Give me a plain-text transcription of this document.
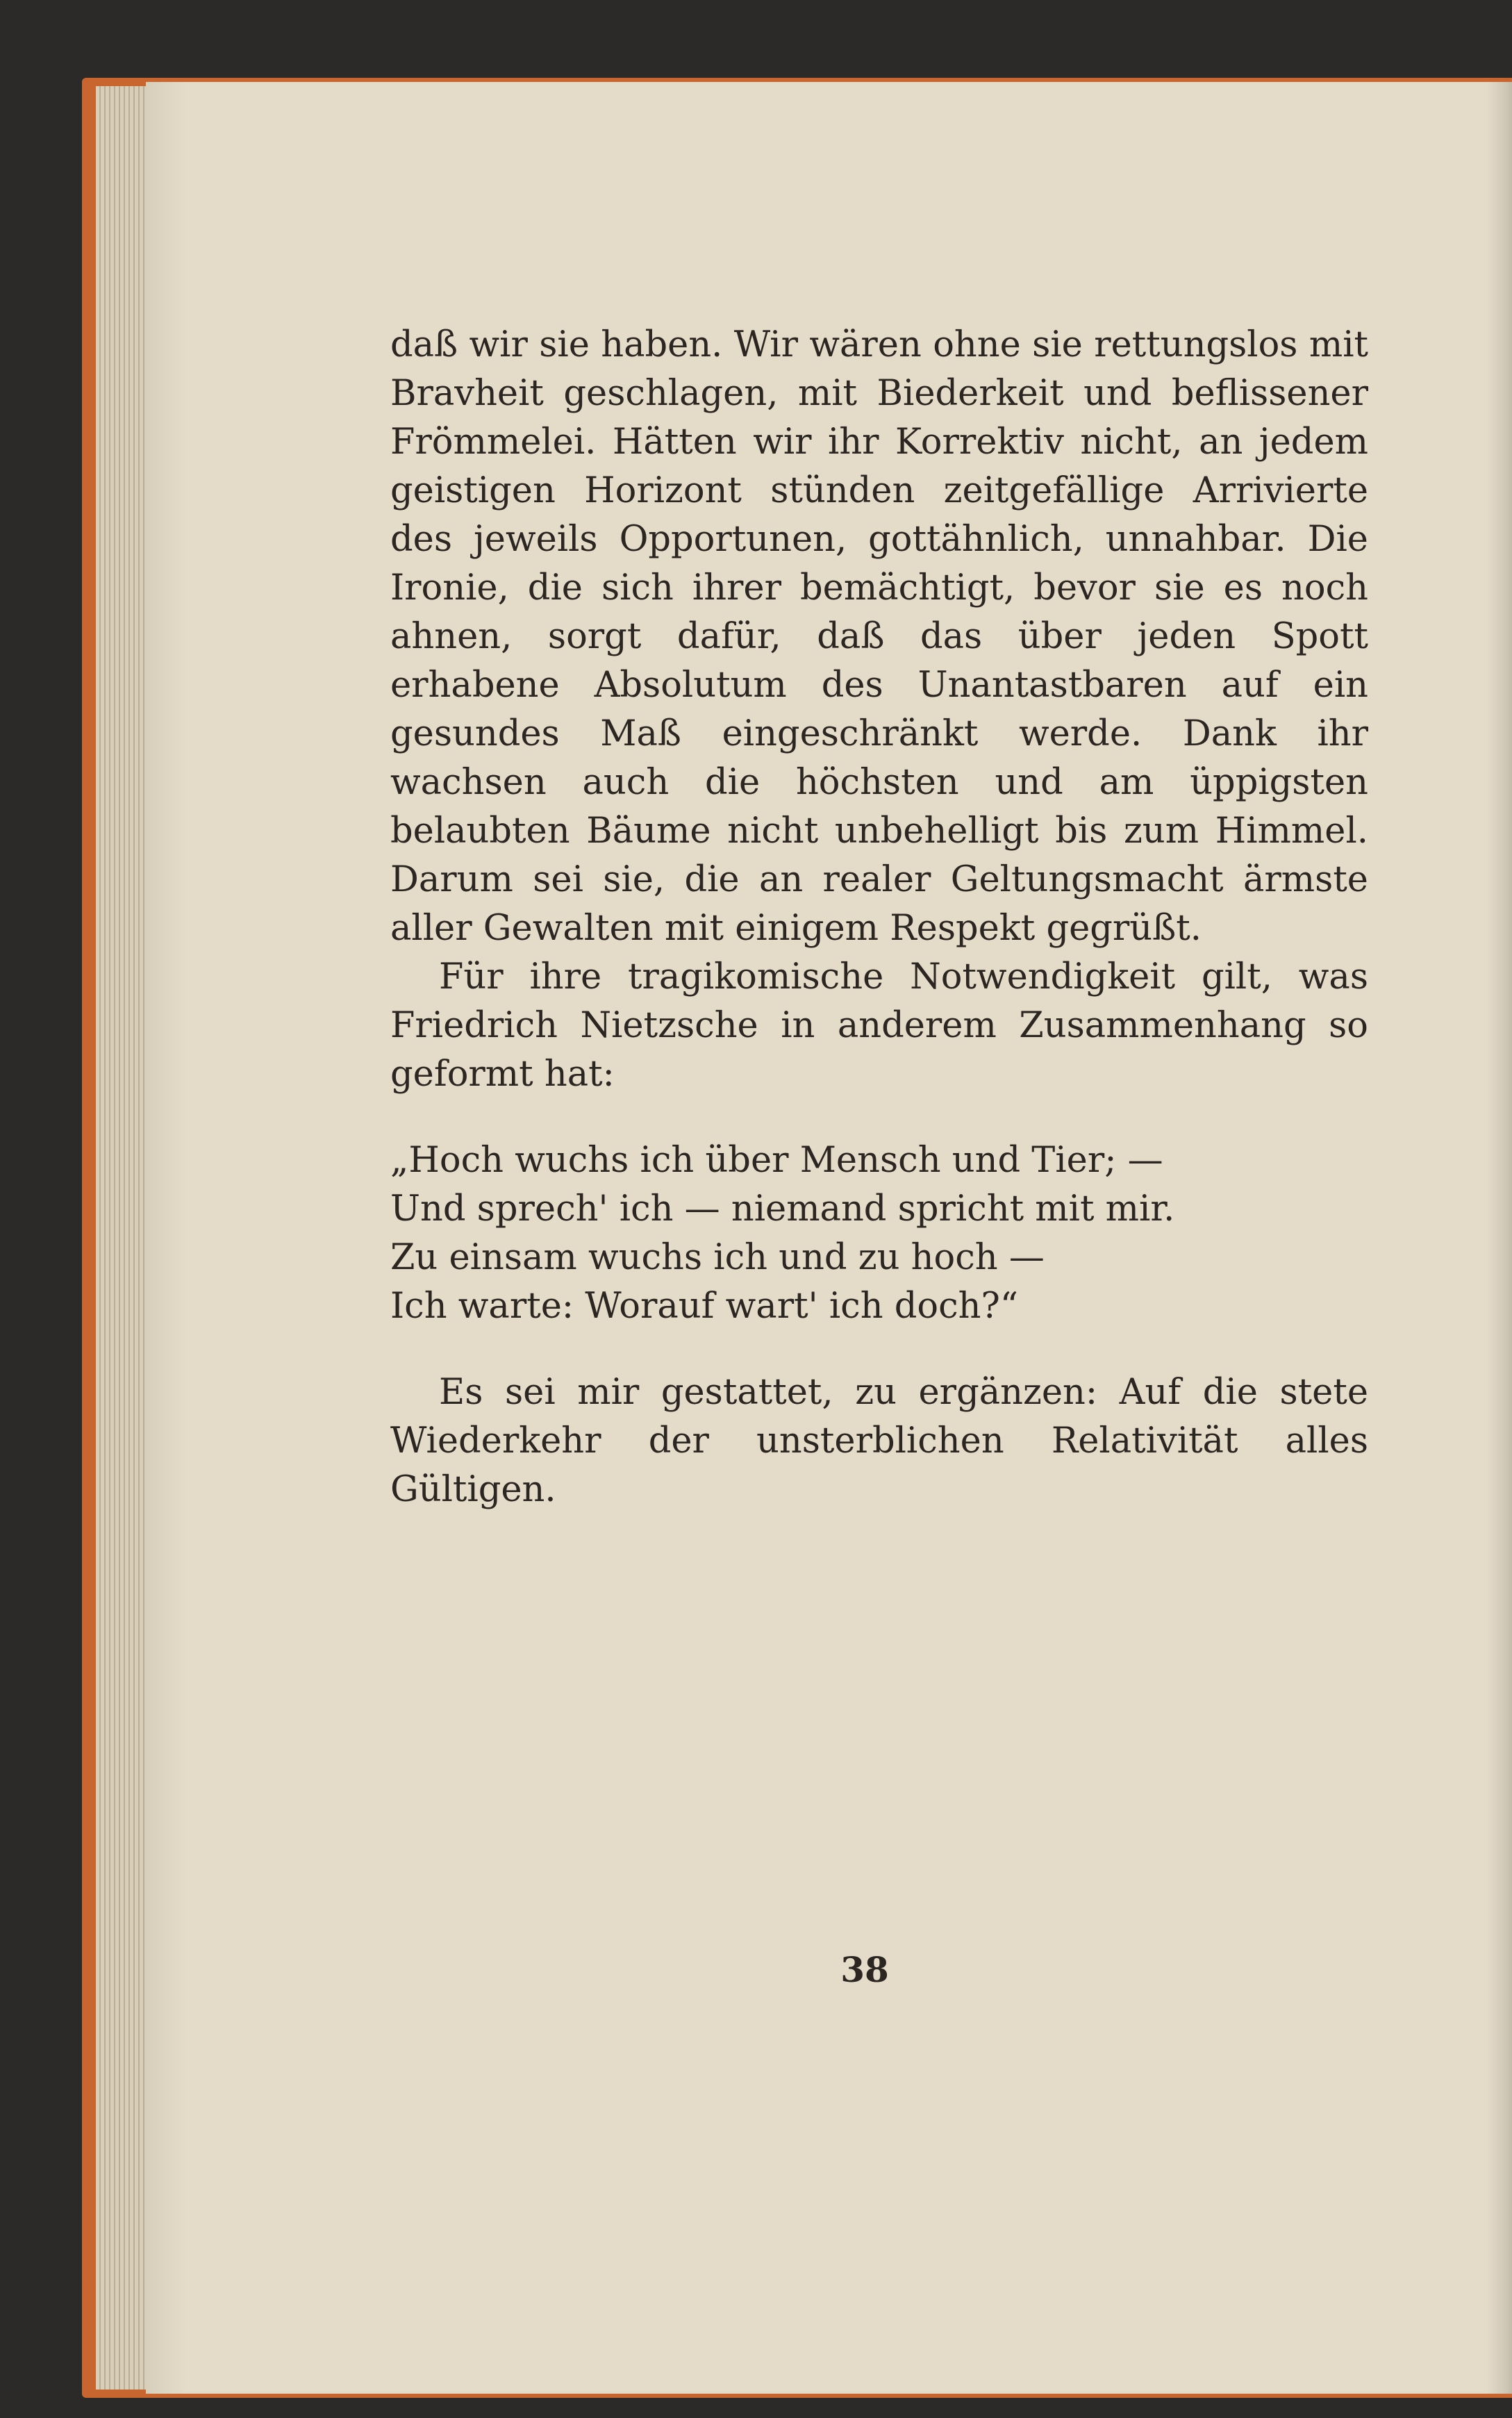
daß wir sie haben. Wir wären ohne sie rettungslos mit Bravheit geschlagen, mit Biederkeit und beflissener Frömmelei. Hätten wir ihr Korrektiv nicht, an jedem geistigen Horizont stünden zeitgefällige Arrivierte des jeweils Opportunen, gottähnlich, unnahbar. Die Ironie, die sich ihrer bemächtigt, bevor sie es noch ahnen, sorgt dafür, daß das über jeden Spott erhabene Absolutum des Unantastbaren auf ein gesundes Maß eingeschränkt werde. Dank ihr wachsen auch die höchsten und am üppigsten belaubten Bäume nicht unbehelligt bis zum Himmel. Darum sei sie, die an realer Geltungsmacht ärmste aller Gewalten mit einigem Respekt gegrüßt.

Für ihre tragikomische Notwendigkeit gilt, was Friedrich Nietzsche in anderem Zusammenhang so geformt hat:

„Hoch wuchs ich über Mensch und Tier; —
Und sprech' ich — niemand spricht mit mir.
Zu einsam wuchs ich und zu hoch —
Ich warte: Worauf wart' ich doch?“

Es sei mir gestattet, zu ergänzen: Auf die stete Wiederkehr der unsterblichen Relativität alles Gültigen.

38
